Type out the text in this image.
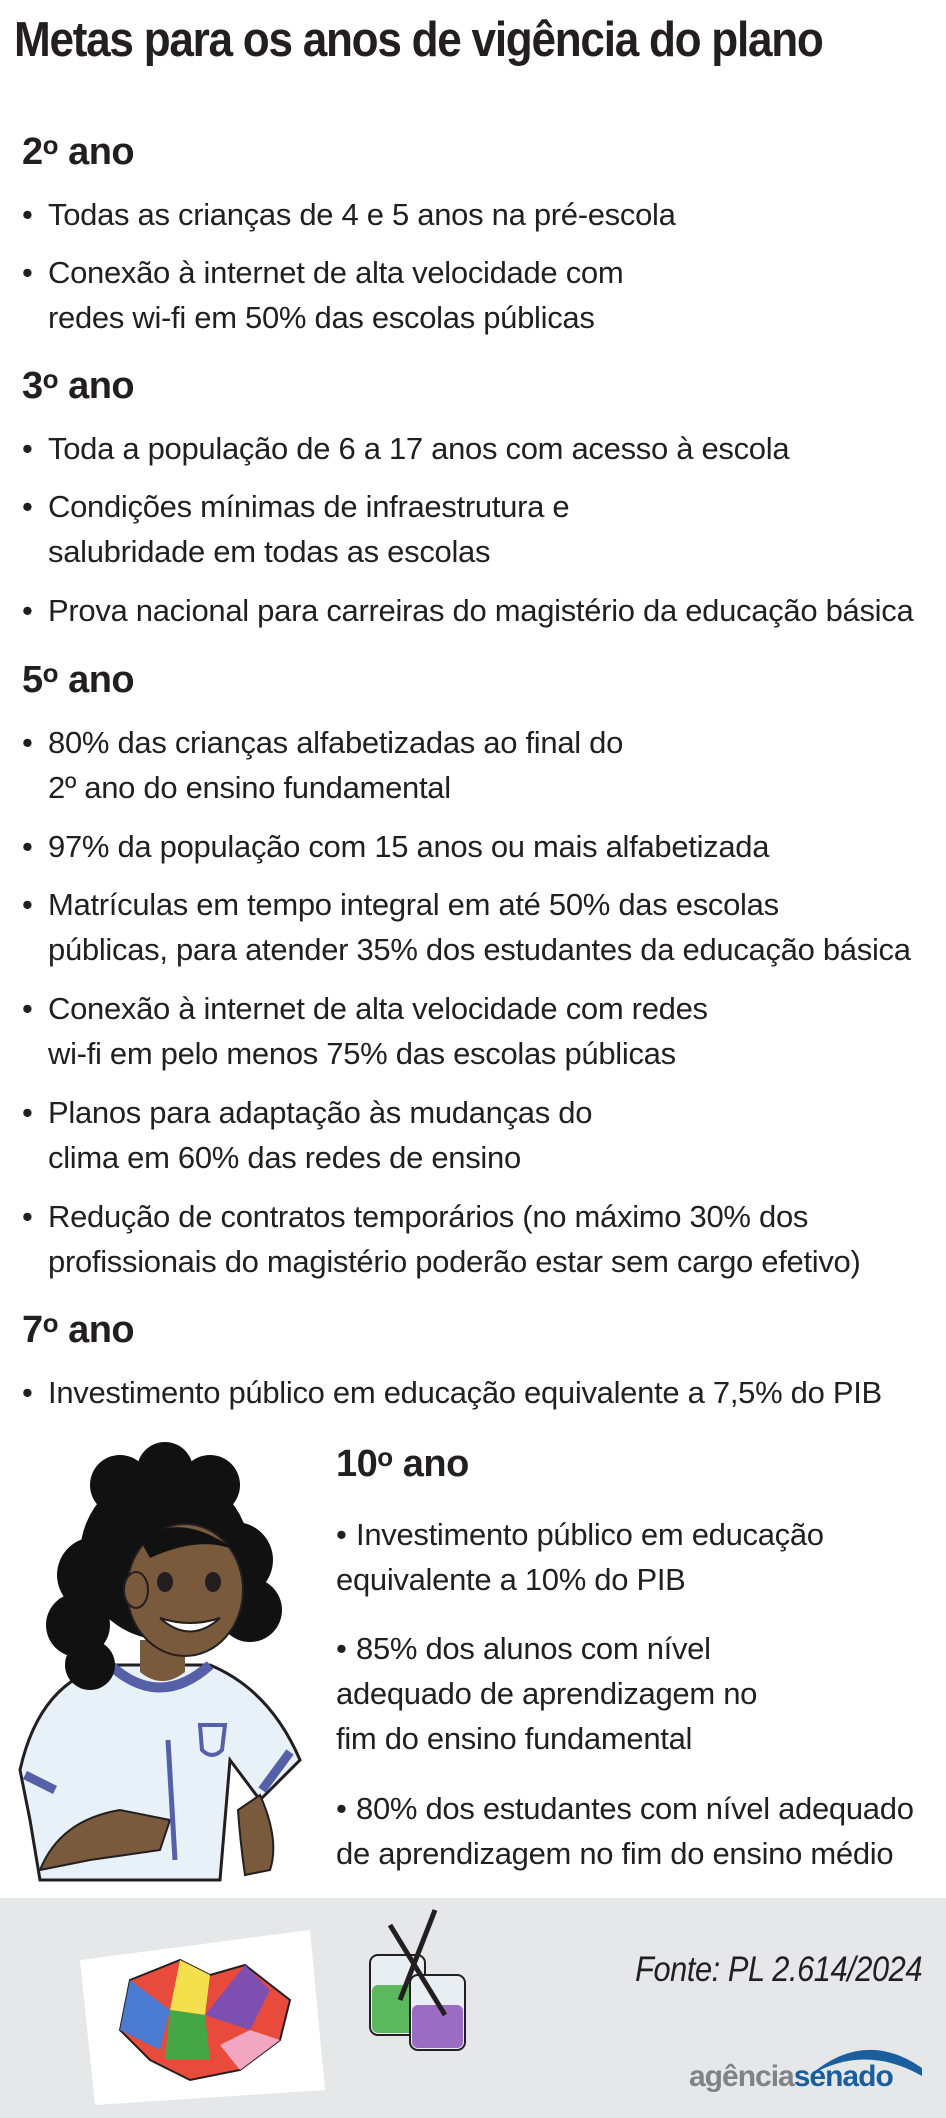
Metas para os anos de vigência do plano
2$^o$ ano
• Todas as crianças de 4 e 5 anos na pré-escola
• Conexão à internet de alta velocidade com
redes wi-fi em 50% das escolas públicas
3$^o$ ano
• Toda a população de 6 a 17 anos com acesso à escola
• Condições mínimas de infraestrutura e
salubridade em todas as escolas
• Prova nacional para carreiras do magistério da educação básica
5$^o$ ano
• 80% das crianças alfabetizadas ao final do
2º ano do ensino fundamental
• 97% da população com 15 anos ou mais alfabetizada
• Matrículas em tempo integral em até 50% das escolas
públicas, para atender 35% dos estudantes da educação básica
• Conexão à internet de alta velocidade com redes
wi-fi em pelo menos 75% das escolas públicas
• Planos para adaptação às mudanças do
clima em 60% das redes de ensino
• Redução de contratos temporários (no máximo 30% dos
profissionais do magistério poderão estar sem cargo efetivo)
7$^o$ ano
• Investimento público em educação equivalente a 7,5% do PIB
10$^o$ ano
• Investimento público em educação
equivalente a 10% do PIB
• 85% dos alunos com nível
adequado de aprendizagem no
fim do ensino fundamental
• 80% dos estudantes com nível adequado
de aprendizagem no fim do ensino médio
Fonte: PL 2.614/2024
agênciasenado
